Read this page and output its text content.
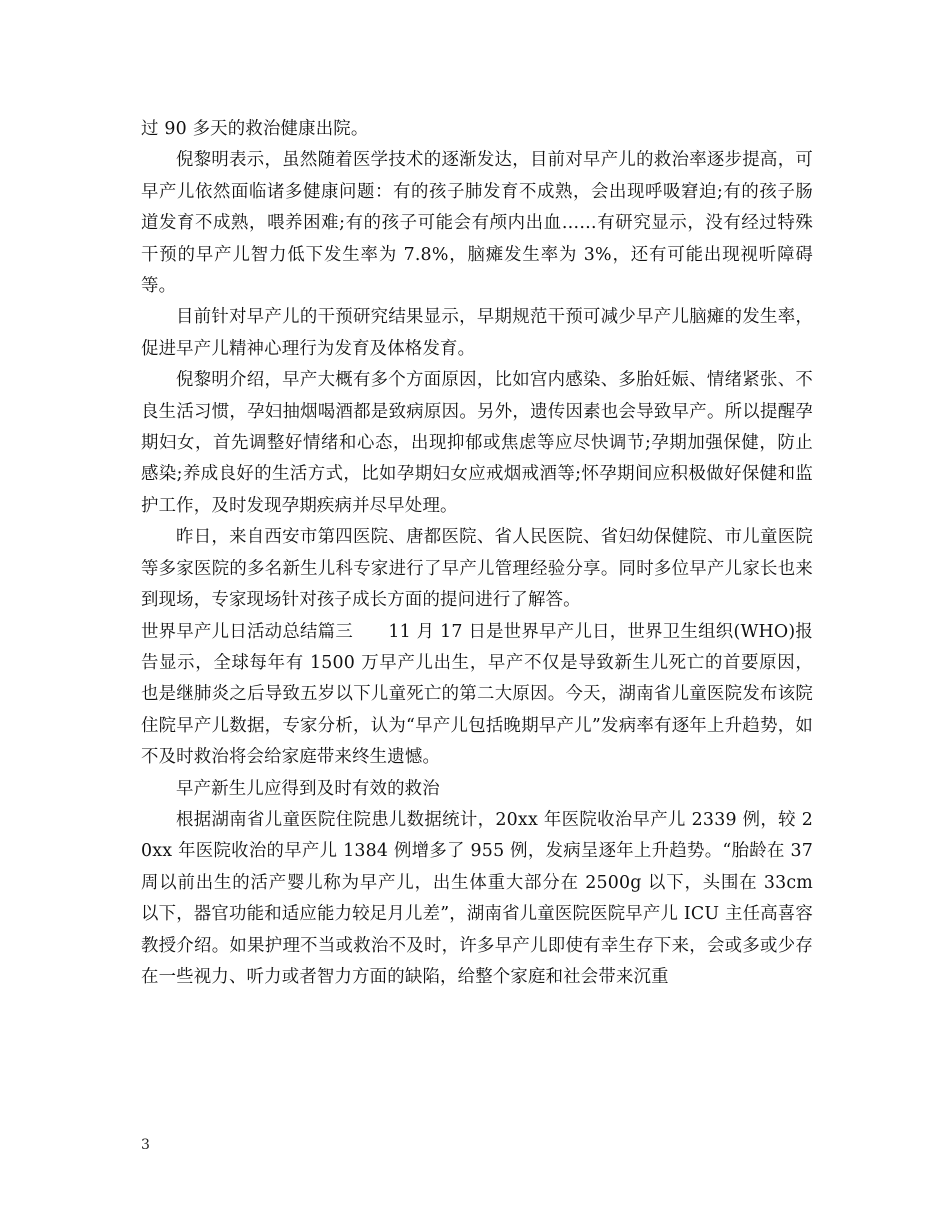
过 90 多天的救治健康出院。

倪黎明表示，虽然随着医学技术的逐渐发达，目前对早产儿的救治率逐步提高，可早产儿依然面临诸多健康问题：有的孩子肺发育不成熟，会出现呼吸窘迫;有的孩子肠道发育不成熟，喂养困难;有的孩子可能会有颅内出血……有研究显示，没有经过特殊干预的早产儿智力低下发生率为 7.8%，脑瘫发生率为 3%，还有可能出现视听障碍等。

目前针对早产儿的干预研究结果显示，早期规范干预可减少早产儿脑瘫的发生率，促进早产儿精神心理行为发育及体格发育。

倪黎明介绍，早产大概有多个方面原因，比如宫内感染、多胎妊娠、情绪紧张、不良生活习惯，孕妇抽烟喝酒都是致病原因。另外，遗传因素也会导致早产。所以提醒孕期妇女，首先调整好情绪和心态，出现抑郁或焦虑等应尽快调节;孕期加强保健，防止感染;养成良好的生活方式，比如孕期妇女应戒烟戒酒等;怀孕期间应积极做好保健和监护工作，及时发现孕期疾病并尽早处理。

昨日，来自西安市第四医院、唐都医院、省人民医院、省妇幼保健院、市儿童医院等多家医院的多名新生儿科专家进行了早产儿管理经验分享。同时多位早产儿家长也来到现场，专家现场针对孩子成长方面的提问进行了解答。

世界早产儿日活动总结篇三　　11 月 17 日是世界早产儿日，世界卫生组织(WHO)报告显示，全球每年有 1500 万早产儿出生，早产不仅是导致新生儿死亡的首要原因，也是继肺炎之后导致五岁以下儿童死亡的第二大原因。今天，湖南省儿童医院发布该院住院早产儿数据，专家分析，认为“早产儿包括晚期早产儿”发病率有逐年上升趋势，如不及时救治将会给家庭带来终生遗憾。

早产新生儿应得到及时有效的救治

根据湖南省儿童医院住院患儿数据统计，20xx 年医院收治早产儿 2339 例，较 20xx 年医院收治的早产儿 1384 例增多了 955 例，发病呈逐年上升趋势。“胎龄在 37 周以前出生的活产婴儿称为早产儿，出生体重大部分在 2500g 以下，头围在 33cm 以下，器官功能和适应能力较足月儿差”，湖南省儿童医院医院早产儿 ICU 主任高喜容教授介绍。如果护理不当或救治不及时，许多早产儿即使有幸生存下来，会或多或少存在一些视力、听力或者智力方面的缺陷，给整个家庭和社会带来沉重

3
